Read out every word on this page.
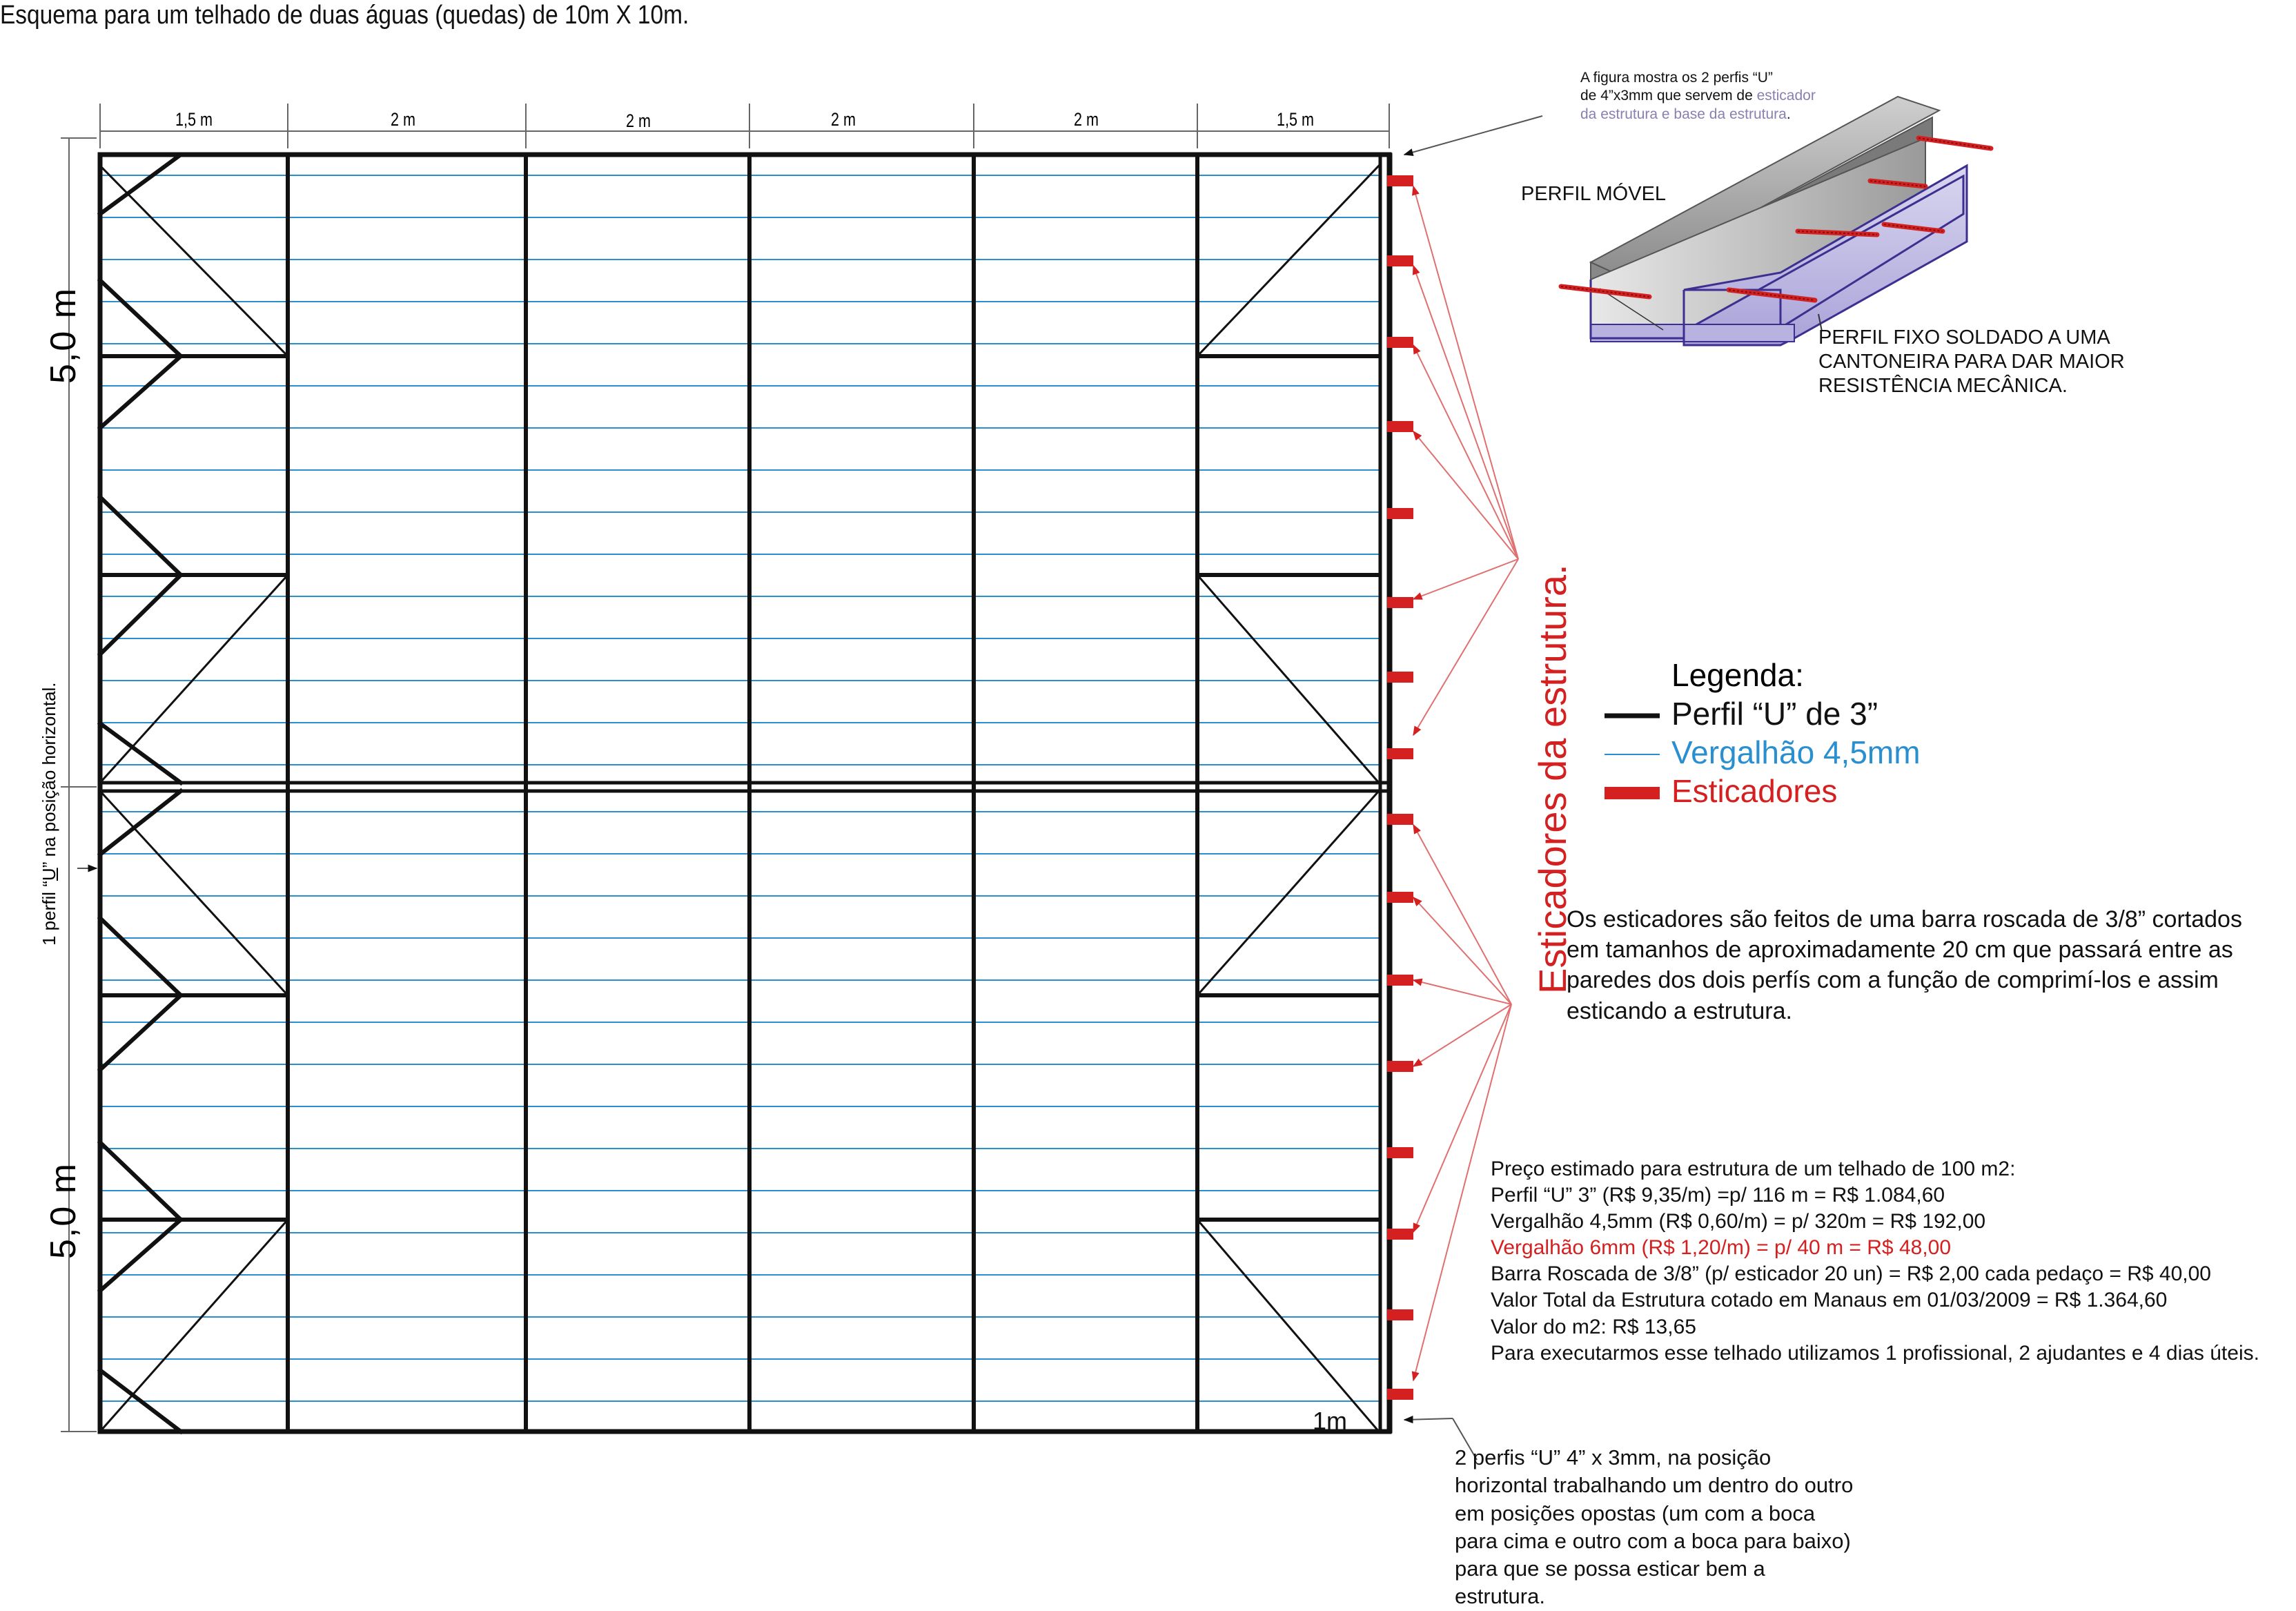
Esquema para um telhado de duas águas (quedas) de 10m X 10m.
1,5 m	2 m	2 m	2 m	2 m	1,5 m
5,0 m
5,0 m
1 perfil “U” na posição horizontal.	Esticadores da estrutura.
1m
A figura mostra os 2 perfis “U”
de 4”x3mm que servem de esticador
da estrutura e base da estrutura.
PERFIL MÓVEL
PERFIL FIXO SOLDADO A UMA CANTONEIRA PARA DAR MAIOR RESISTÊNCIA MECÂNICA.
Legenda:
Perfil “U” de 3”
Vergalhão 4,5mm
Esticadores
Os esticadores são feitos de uma barra roscada de 3/8” cortados em tamanhos de aproximadamente 20 cm que passará entre as paredes dos dois perfís com a função de comprimí-los e assim esticando a estrutura.
Preço estimado para estrutura de um telhado de 100 m2:
Perfil “U” 3” (R$ 9,35/m) =p/ 116 m = R$ 1.084,60
Vergalhão 4,5mm (R$ 0,60/m) = p/ 320m = R$ 192,00
Vergalhão 6mm (R$ 1,20/m) = p/ 40 m = R$ 48,00
Barra Roscada de 3/8” (p/ esticador 20 un) = R$ 2,00 cada pedaço = R$ 40,00
Valor Total da Estrutura cotado em Manaus em 01/03/2009 = R$ 1.364,60
Valor do m2: R$ 13,65
Para executarmos esse telhado utilizamos 1 profissional, 2 ajudantes e 4 dias úteis.
2 perfis “U” 4” x 3mm, na posição horizontal trabalhando um dentro do outro em posições opostas (um com a boca para cima e outro com a boca para baixo) para que se possa esticar bem a estrutura.
